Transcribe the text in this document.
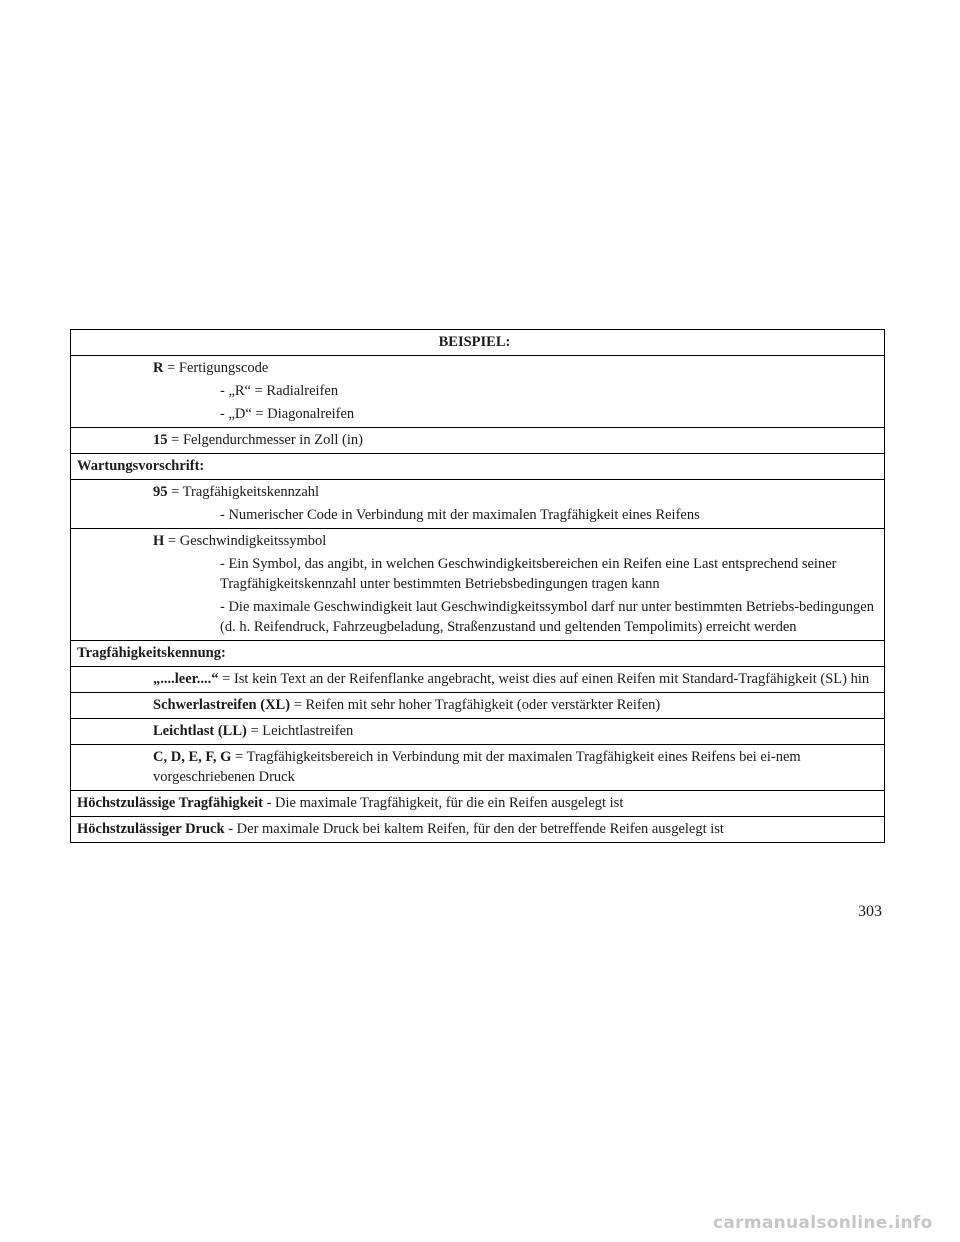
BEISPIEL:
R = Fertigungscode
- „R“ = Radialreifen
- „D“ = Diagonalreifen
15 = Felgendurchmesser in Zoll (in)
Wartungsvorschrift:
95 = Tragfähigkeitskennzahl
- Numerischer Code in Verbindung mit der maximalen Tragfähigkeit eines Reifens
H = Geschwindigkeitssymbol
- Ein Symbol, das angibt, in welchen Geschwindigkeitsbereichen ein Reifen eine Last entsprechend seiner Tragfähigkeitskennzahl unter bestimmten Betriebsbedingungen tragen kann
- Die maximale Geschwindigkeit laut Geschwindigkeitssymbol darf nur unter bestimmten Betriebs-bedingungen (d. h. Reifendruck, Fahrzeugbeladung, Straßenzustand und geltenden Tempolimits) erreicht werden
Tragfähigkeitskennung:
„....leer....“ = Ist kein Text an der Reifenflanke angebracht, weist dies auf einen Reifen mit Standard-Tragfähigkeit (SL) hin
Schwerlastreifen (XL) = Reifen mit sehr hoher Tragfähigkeit (oder verstärkter Reifen)
Leichtlast (LL) = Leichtlastreifen
C, D, E, F, G = Tragfähigkeitsbereich in Verbindung mit der maximalen Tragfähigkeit eines Reifens bei ei-nem vorgeschriebenen Druck
Höchstzulässige Tragfähigkeit - Die maximale Tragfähigkeit, für die ein Reifen ausgelegt ist
Höchstzulässiger Druck - Der maximale Druck bei kaltem Reifen, für den der betreffende Reifen ausgelegt ist
303
carmanualsonline.info
